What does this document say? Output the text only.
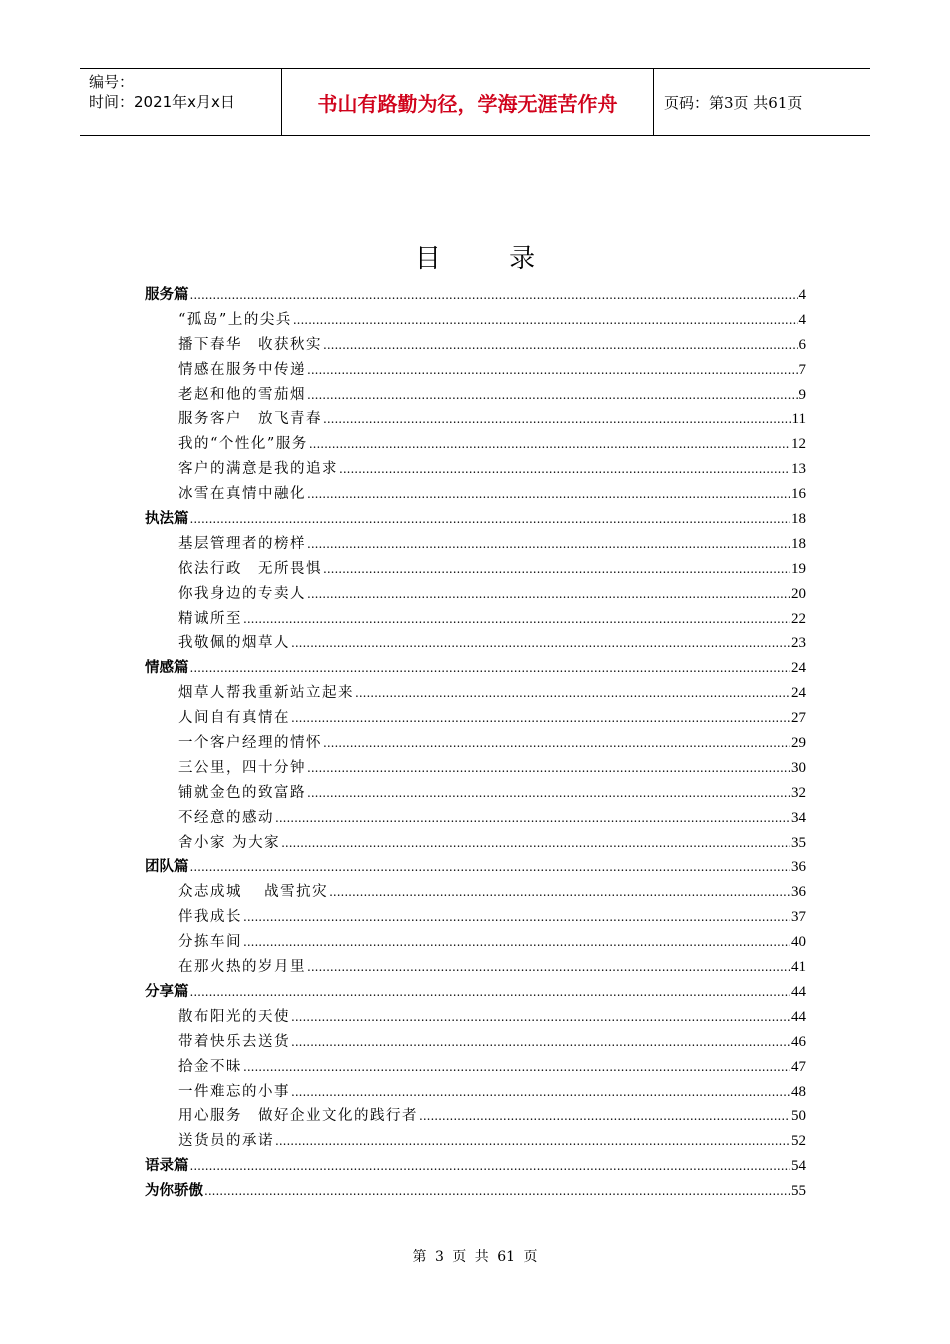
编号：
时间：2021年x月x日	书山有路勤为径，学海无涯苦作舟	页码：第3页 共61页
目 录
服务篇 .....	4
“孤岛”上的尖兵 .....	4
播下春华　收获秋实 .....	6
情感在服务中传递 .....	7
老赵和他的雪茄烟 .....	9
服务客户　放飞青春 .....	11
我的“个性化”服务 .....	12
客户的满意是我的追求 .....	13
冰雪在真情中融化 .....	16
执法篇 .....	18
基层管理者的榜样 .....	18
依法行政　无所畏惧 .....	19
你我身边的专卖人 .....	20
精诚所至 .....	22
我敬佩的烟草人 .....	23
情感篇 .....	24
烟草人帮我重新站立起来 .....	24
人间自有真情在 .....	27
一个客户经理的情怀 .....	29
三公里，四十分钟 .....	30
铺就金色的致富路 .....	32
不经意的感动 .....	34
舍小家 为大家 .....	35
团队篇 .....	36
众志成城　 战雪抗灾 .....	36
伴我成长 .....	37
分拣车间 .....	40
在那火热的岁月里 .....	41
分享篇 .....	44
散布阳光的天使 .....	44
带着快乐去送货 .....	46
拾金不昧 .....	47
一件难忘的小事 .....	48
用心服务　做好企业文化的践行者 .....	50
送货员的承诺 .....	52
语录篇 .....	54
为你骄傲 .....	55
第 3 页 共 61 页
